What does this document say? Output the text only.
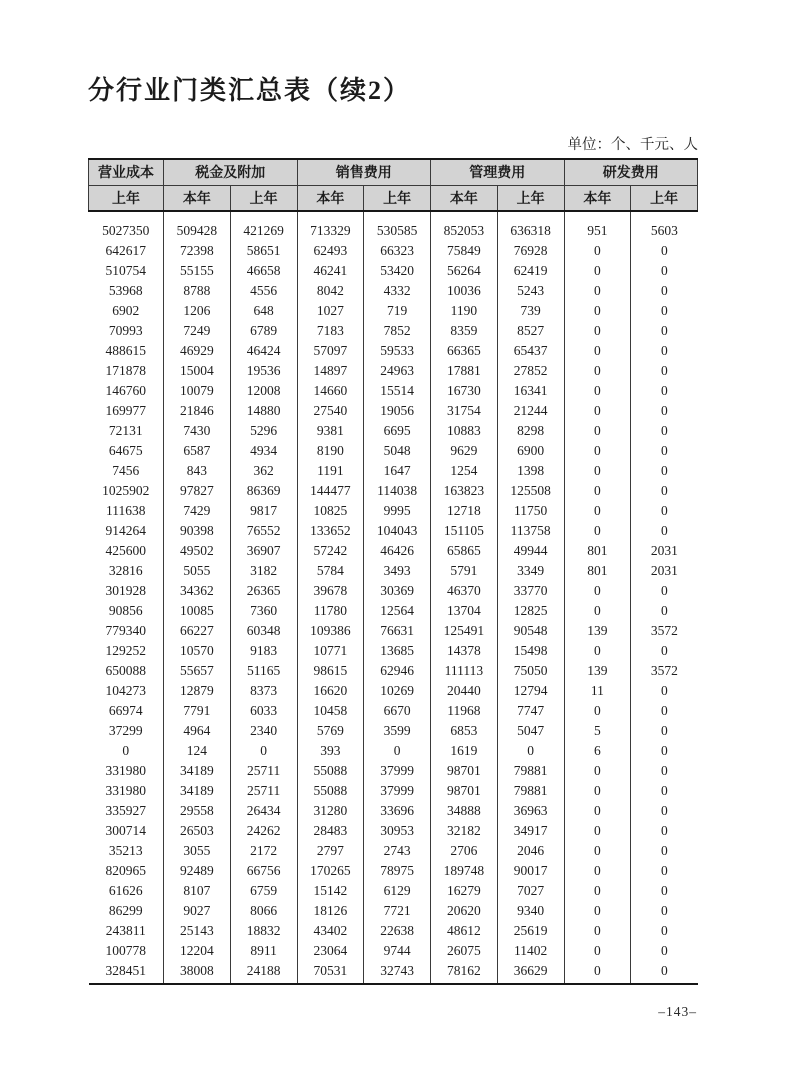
分行业门类汇总表（续2）
单位：个、千元、人
营业成本	税金及附加		销售费用		管理费用		研发费用	
上年	本年	上年	本年	上年	本年	上年	本年	上年
5027350	509428	421269	713329	530585	852053	636318	951	5603
642617	72398	58651	62493	66323	75849	76928	0	0
510754	55155	46658	46241	53420	56264	62419	0	0
53968	8788	4556	8042	4332	10036	5243	0	0
6902	1206	648	1027	719	1190	739	0	0
70993	7249	6789	7183	7852	8359	8527	0	0
488615	46929	46424	57097	59533	66365	65437	0	0
171878	15004	19536	14897	24963	17881	27852	0	0
146760	10079	12008	14660	15514	16730	16341	0	0
169977	21846	14880	27540	19056	31754	21244	0	0
72131	7430	5296	9381	6695	10883	8298	0	0
64675	6587	4934	8190	5048	9629	6900	0	0
7456	843	362	1191	1647	1254	1398	0	0
1025902	97827	86369	144477	114038	163823	125508	0	0
111638	7429	9817	10825	9995	12718	11750	0	0
914264	90398	76552	133652	104043	151105	113758	0	0
425600	49502	36907	57242	46426	65865	49944	801	2031
32816	5055	3182	5784	3493	5791	3349	801	2031
301928	34362	26365	39678	30369	46370	33770	0	0
90856	10085	7360	11780	12564	13704	12825	0	0
779340	66227	60348	109386	76631	125491	90548	139	3572
129252	10570	9183	10771	13685	14378	15498	0	0
650088	55657	51165	98615	62946	111113	75050	139	3572
104273	12879	8373	16620	10269	20440	12794	11	0
66974	7791	6033	10458	6670	11968	7747	0	0
37299	4964	2340	5769	3599	6853	5047	5	0
0	124	0	393	0	1619	0	6	0
331980	34189	25711	55088	37999	98701	79881	0	0
331980	34189	25711	55088	37999	98701	79881	0	0
335927	29558	26434	31280	33696	34888	36963	0	0
300714	26503	24262	28483	30953	32182	34917	0	0
35213	3055	2172	2797	2743	2706	2046	0	0
820965	92489	66756	170265	78975	189748	90017	0	0
61626	8107	6759	15142	6129	16279	7027	0	0
86299	9027	8066	18126	7721	20620	9340	0	0
243811	25143	18832	43402	22638	48612	25619	0	0
100778	12204	8911	23064	9744	26075	11402	0	0
328451	38008	24188	70531	32743	78162	36629	0	0
–143–
